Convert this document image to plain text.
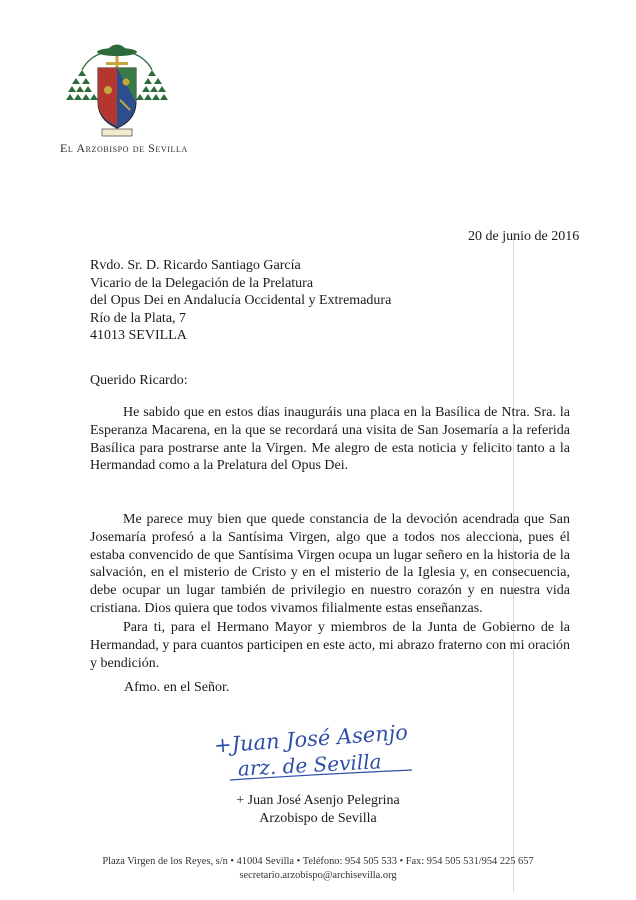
El Arzobispo de Sevilla
20 de junio de 2016
Rvdo. Sr. D. Ricardo Santiago García
Vicario de la Delegación de la Prelatura
del Opus Dei en Andalucía Occidental y Extremadura
Río de la Plata, 7
41013 SEVILLA
Querido Ricardo:

He sabido que en estos días inauguráis una placa en la Basílica de Ntra. Sra. la Esperanza Macarena, en la que se recordará una visita de San Josemaría a la referida Basílica para postrarse ante la Virgen. Me alegro de esta noticia y felicito tanto a la Hermandad como a la Prelatura del Opus Dei.

Me parece muy bien que quede constancia de la devoción acendrada que San Josemaría profesó a la Santísima Virgen, algo que a todos nos alecciona, pues él estaba convencido de que Santísima Virgen ocupa un lugar señero en la historia de la salvación, en el misterio de Cristo y en el misterio de la Iglesia y, en consecuencia, debe ocupar un lugar también de privilegio en nuestro corazón y en nuestra vida cristiana. Dios quiera que todos vivamos filialmente estas enseñanzas.

Para ti, para el Hermano Mayor y miembros de la Junta de Gobierno de la Hermandad, y para cuantos participen en este acto, mi abrazo fraterno con mi oración y bendición.

Afmo. en el Señor.
+Juan José Asenjo
arz. de Sevilla
+ Juan José Asenjo Pelegrina
Arzobispo de Sevilla
Plaza Virgen de los Reyes, s/n • 41004 Sevilla • Teléfono: 954 505 533 • Fax: 954 505 531/954 225 657
secretario.arzobispo@archisevilla.org
